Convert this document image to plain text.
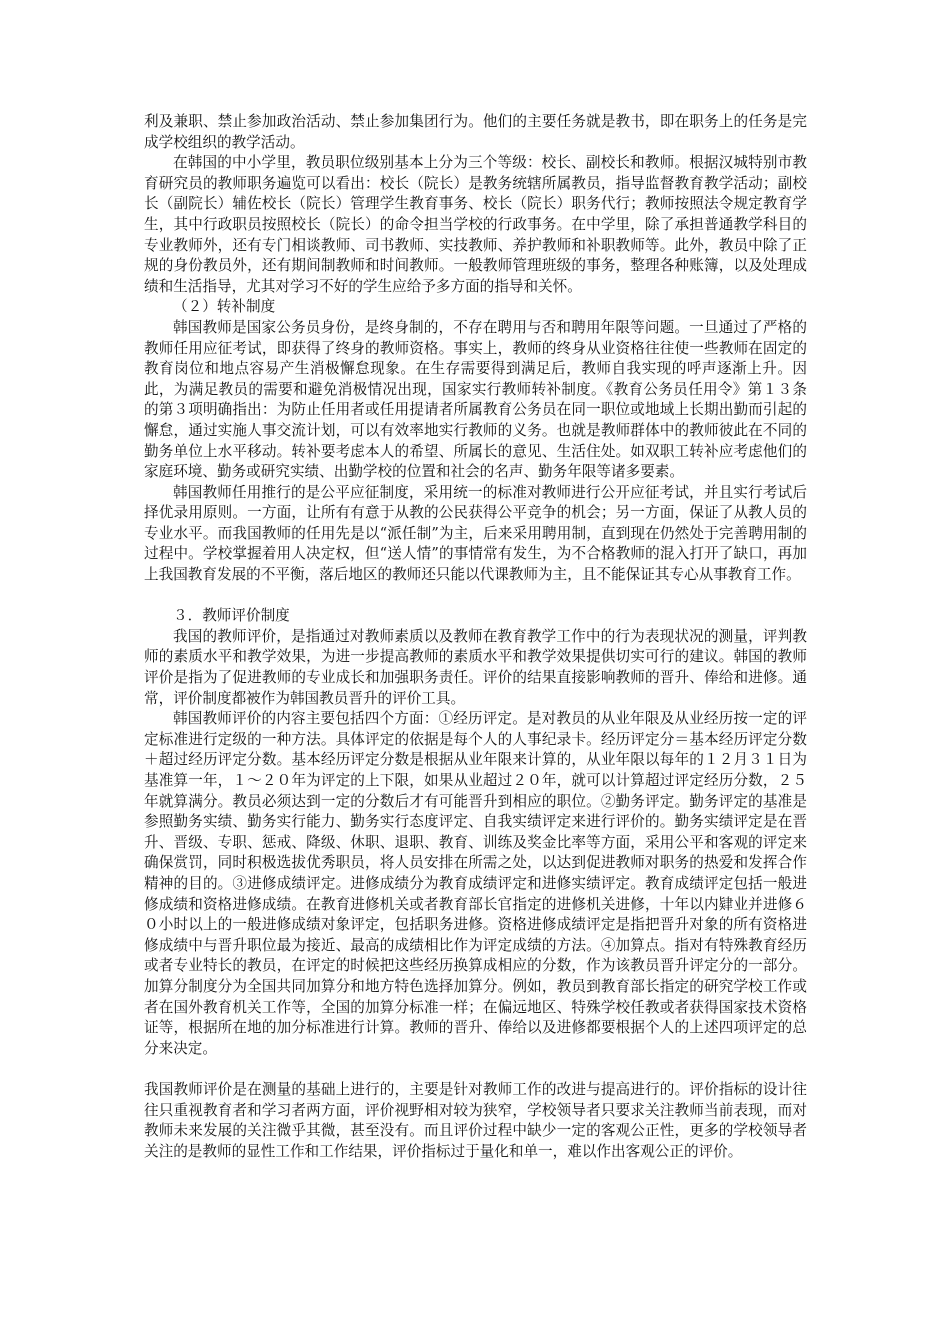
利及兼职、禁止参加政治活动、禁止参加集团行为。他们的主要任务就是教书，即在职务上的任务是完成学校组织的教学活动。

在韩国的中小学里，教员职位级别基本上分为三个等级：校长、副校长和教师。根据汉城特别市教育研究员的教师职务遍览可以看出：校长（院长）是教务统辖所属教员，指导监督教育教学活动；副校长（副院长）辅佐校长（院长）管理学生教育事务、校长（院长）职务代行；教师按照法令规定教育学生，其中行政职员按照校长（院长）的命令担当学校的行政事务。在中学里，除了承担普通教学科目的专业教师外，还有专门相谈教师、司书教师、实技教师、养护教师和补职教师等。此外，教员中除了正规的身份教员外，还有期间制教师和时间教师。一般教师管理班级的事务，整理各种账簿，以及处理成绩和生活指导，尤其对学习不好的学生应给予多方面的指导和关怀。

（２）转补制度

韩国教师是国家公务员身份，是终身制的，不存在聘用与否和聘用年限等问题。一旦通过了严格的教师任用应征考试，即获得了终身的教师资格。事实上，教师的终身从业资格往往使一些教师在固定的教育岗位和地点容易产生消极懈怠现象。在生存需要得到满足后，教师自我实现的呼声逐渐上升。因此，为满足教员的需要和避免消极情况出现，国家实行教师转补制度。《教育公务员任用令》第１３条的第３项明确指出：为防止任用者或任用提请者所属教育公务员在同一职位或地域上长期出勤而引起的懈怠，通过实施人事交流计划，可以有效率地实行教师的义务。也就是教师群体中的教师彼此在不同的勤务单位上水平移动。转补要考虑本人的希望、所属长的意见、生活住处。如双职工转补应考虑他们的家庭环境、勤务或研究实绩、出勤学校的位置和社会的名声、勤务年限等诸多要素。

韩国教师任用推行的是公平应征制度，采用统一的标准对教师进行公开应征考试，并且实行考试后择优录用原则。一方面，让所有有意于从教的公民获得公平竞争的机会；另一方面，保证了从教人员的专业水平。而我国教师的任用先是以“派任制”为主，后来采用聘用制，直到现在仍然处于完善聘用制的过程中。学校掌握着用人决定权，但“送人情”的事情常有发生，为不合格教师的混入打开了缺口，再加上我国教育发展的不平衡，落后地区的教师还只能以代课教师为主，且不能保证其专心从事教育工作。

３．教师评价制度

我国的教师评价，是指通过对教师素质以及教师在教育教学工作中的行为表现状况的测量，评判教师的素质水平和教学效果，为进一步提高教师的素质水平和教学效果提供切实可行的建议。韩国的教师评价是指为了促进教师的专业成长和加强职务责任。评价的结果直接影响教师的晋升、俸给和进修。通常，评价制度都被作为韩国教员晋升的评价工具。

韩国教师评价的内容主要包括四个方面：①经历评定。是对教员的从业年限及从业经历按一定的评定标准进行定级的一种方法。具体评定的依据是每个人的人事纪录卡。经历评定分＝基本经历评定分数＋超过经历评定分数。基本经历评定分数是根据从业年限来计算的，从业年限以每年的１２月３１日为基准算一年，１～２０年为评定的上下限，如果从业超过２０年，就可以计算超过评定经历分数，２５年就算满分。教员必须达到一定的分数后才有可能晋升到相应的职位。②勤务评定。勤务评定的基准是参照勤务实绩、勤务实行能力、勤务实行态度评定、自我实绩评定来进行评价的。勤务实绩评定是在晋升、晋级、专职、惩戒、降级、休职、退职、教育、训练及奖金比率等方面，采用公平和客观的评定来确保赏罚，同时积极选拔优秀职员，将人员安排在所需之处，以达到促进教师对职务的热爱和发挥合作精神的目的。③进修成绩评定。进修成绩分为教育成绩评定和进修实绩评定。教育成绩评定包括一般进修成绩和资格进修成绩。在教育进修机关或者教育部长官指定的进修机关进修，十年以内肄业并进修６０小时以上的一般进修成绩对象评定，包括职务进修。资格进修成绩评定是指把晋升对象的所有资格进修成绩中与晋升职位最为接近、最高的成绩相比作为评定成绩的方法。④加算点。指对有特殊教育经历或者专业特长的教员，在评定的时候把这些经历换算成相应的分数，作为该教员晋升评定分的一部分。加算分制度分为全国共同加算分和地方特色选择加算分。例如，教员到教育部长指定的研究学校工作或者在国外教育机关工作等，全国的加算分标准一样；在偏远地区、特殊学校任教或者获得国家技术资格证等，根据所在地的加分标准进行计算。教师的晋升、俸给以及进修都要根据个人的上述四项评定的总分来决定。

我国教师评价是在测量的基础上进行的，主要是针对教师工作的改进与提高进行的。评价指标的设计往往只重视教育者和学习者两方面，评价视野相对较为狭窄，学校领导者只要求关注教师当前表现，而对教师未来发展的关注微乎其微，甚至没有。而且评价过程中缺少一定的客观公正性，更多的学校领导者关注的是教师的显性工作和工作结果，评价指标过于量化和单一，难以作出客观公正的评价。
